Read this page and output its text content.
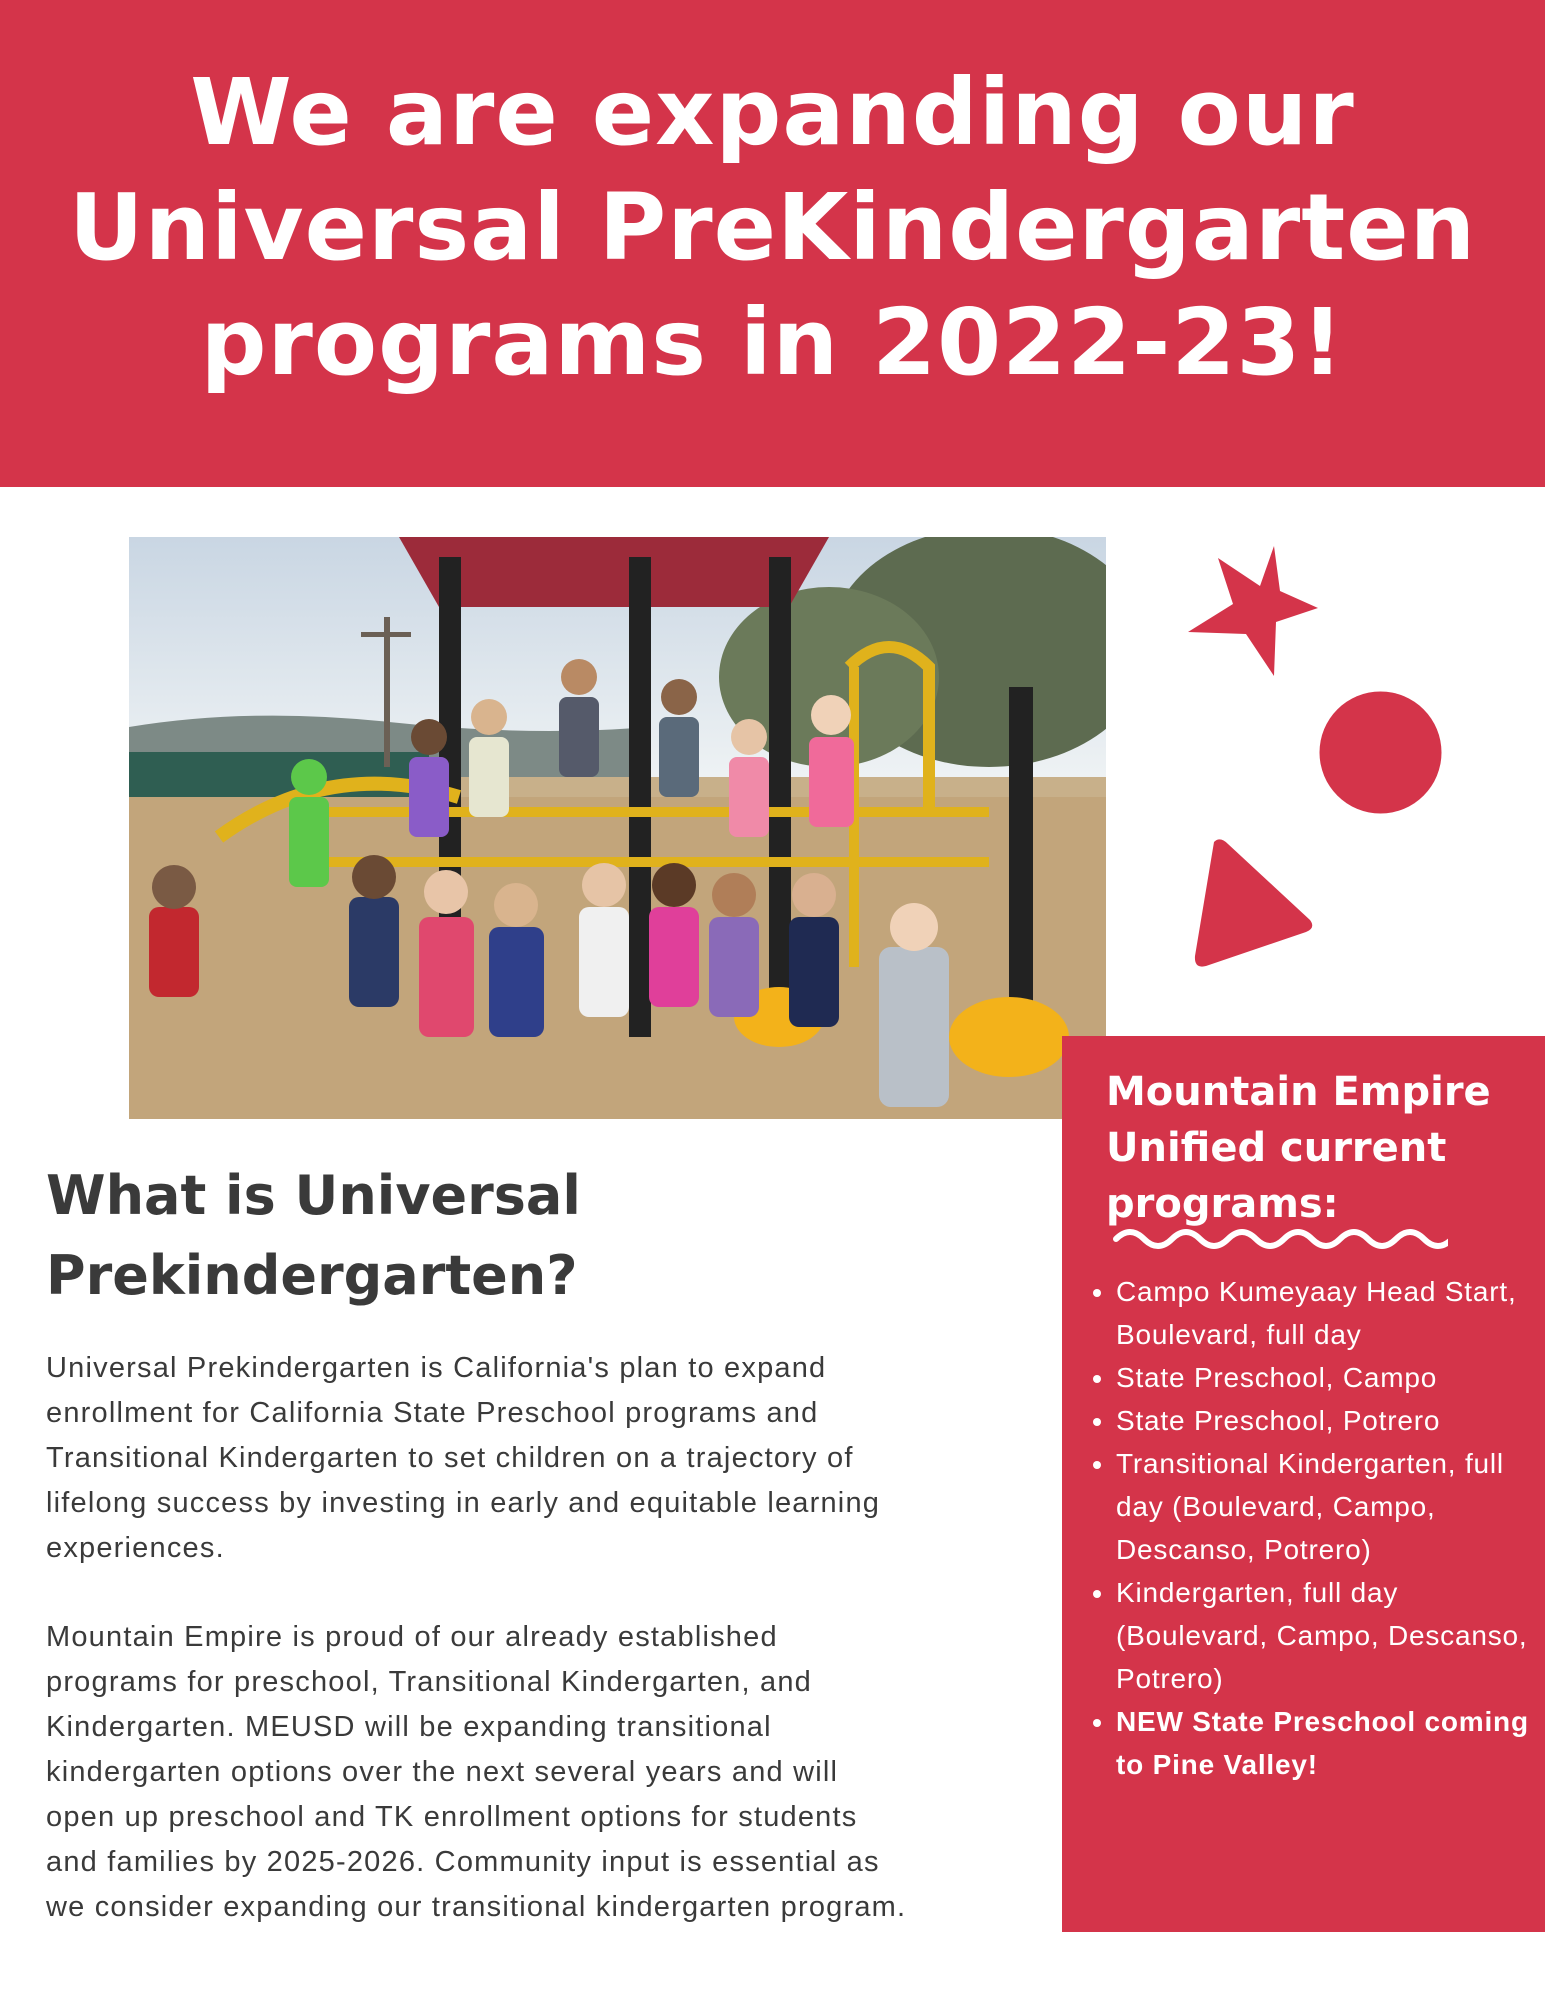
We are expanding our
Universal PreKindergarten
programs in 2022-23!
Mountain Empire
Unified current
programs:
• Campo Kumeyaay Head Start, Boulevard, full day
• State Preschool, Campo
• State Preschool, Potrero
• Transitional Kindergarten, full day (Boulevard, Campo, Descanso, Potrero)
• Kindergarten, full day (Boulevard, Campo, Descanso, Potrero)
• NEW State Preschool coming to Pine Valley!
What is Universal
Prekindergarten?

Universal Prekindergarten is California's plan to expand
enrollment for California State Preschool programs and
Transitional Kindergarten to set children on a trajectory of
lifelong success by investing in early and equitable learning
experiences.

Mountain Empire is proud of our already established
programs for preschool, Transitional Kindergarten, and
Kindergarten. MEUSD will be expanding transitional
kindergarten options over the next several years and will
open up preschool and TK enrollment options for students
and families by 2025-2026. Community input is essential as
we consider expanding our transitional kindergarten program.
